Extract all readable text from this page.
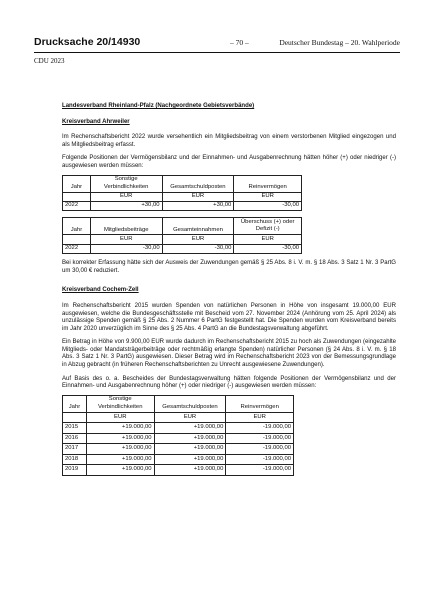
Drucksache 20/14930	– 70 –	Deutscher Bundestag – 20. Wahlperiode
CDU 2023

Landesverband Rheinland-Pfalz (Nachgeordnete Gebietsverbände)

Kreisverband Ahrweiler

Im Rechenschaftsbericht 2022 wurde versehentlich ein Mitgliedsbeitrag von einem verstorbenen Mitglied eingezogen und als Mitgliedsbeitrag erfasst.

Folgende Positionen der Vermögensbilanz und der Einnahmen- und Ausgabenrechnung hätten höher (+) oder niedriger (-) ausgewiesen werden müssen:

Jahr	Sonstige Verbindlichkeiten	Gesamtschuldposten	Reinvermögen
	EUR	EUR	EUR
2022	+30,00	+30,00	-30,00
Jahr	Mitgliedsbeiträge	Gesamteinnahmen	Überschuss (+) oder Defizit (-)
	EUR	EUR	EUR
2022	-30,00	-30,00	-30,00

Bei korrekter Erfassung hätte sich der Ausweis der Zuwendungen gemäß § 25 Abs. 8 i. V. m. § 18 Abs. 3 Satz 1 Nr. 3 PartG um 30,00 € reduziert.

Kreisverband Cochem-Zell

Im Rechenschaftsbericht 2015 wurden Spenden von natürlichen Personen in Höhe von insgesamt 19.000,00 EUR ausgewiesen, welche die Bundesgeschäftsstelle mit Bescheid vom 27. November 2024 (Anhörung vom 25. April 2024) als unzulässige Spenden gemäß § 25 Abs. 2 Nummer 6 PartG festgestellt hat. Die Spenden wurden vom Kreisverband bereits im Jahr 2020 unverzüglich im Sinne des § 25 Abs. 4 PartG an die Bundestagsverwaltung abgeführt.

Ein Betrag in Höhe von 9.900,00 EUR wurde dadurch im Rechenschaftsbericht 2015 zu hoch als Zuwendungen (eingezahlte Mitglieds- oder Mandatsträgerbeiträge oder rechtmäßig erlangte Spenden) natürlicher Personen (§ 24 Abs. 8 i. V. m. § 18 Abs. 3 Satz 1 Nr. 3 PartG) ausgewiesen. Dieser Betrag wird im Rechenschaftsbericht 2023 von der Bemessungsgrundlage in Abzug gebracht (in früheren Rechenschaftsberichten zu Unrecht ausgewiesene Zuwendungen).

Auf Basis des o. a. Bescheides der Bundestagsverwaltung hätten folgende Positionen der Vermögensbilanz und der Einnahmen- und Ausgabenrechnung höher (+) oder niedriger (-) ausgewiesen werden müssen:

Jahr	Sonstige Verbindlichkeiten	Gesamtschuldposten	Reinvermögen
	EUR	EUR	EUR
2015	+19.000,00	+19.000,00	-19.000,00
2016	+19.000,00	+19.000,00	-19.000,00
2017	+19.000,00	+19.000,00	-19.000,00
2018	+19.000,00	+19.000,00	-19.000,00
2019	+19.000,00	+19.000,00	-19.000,00
